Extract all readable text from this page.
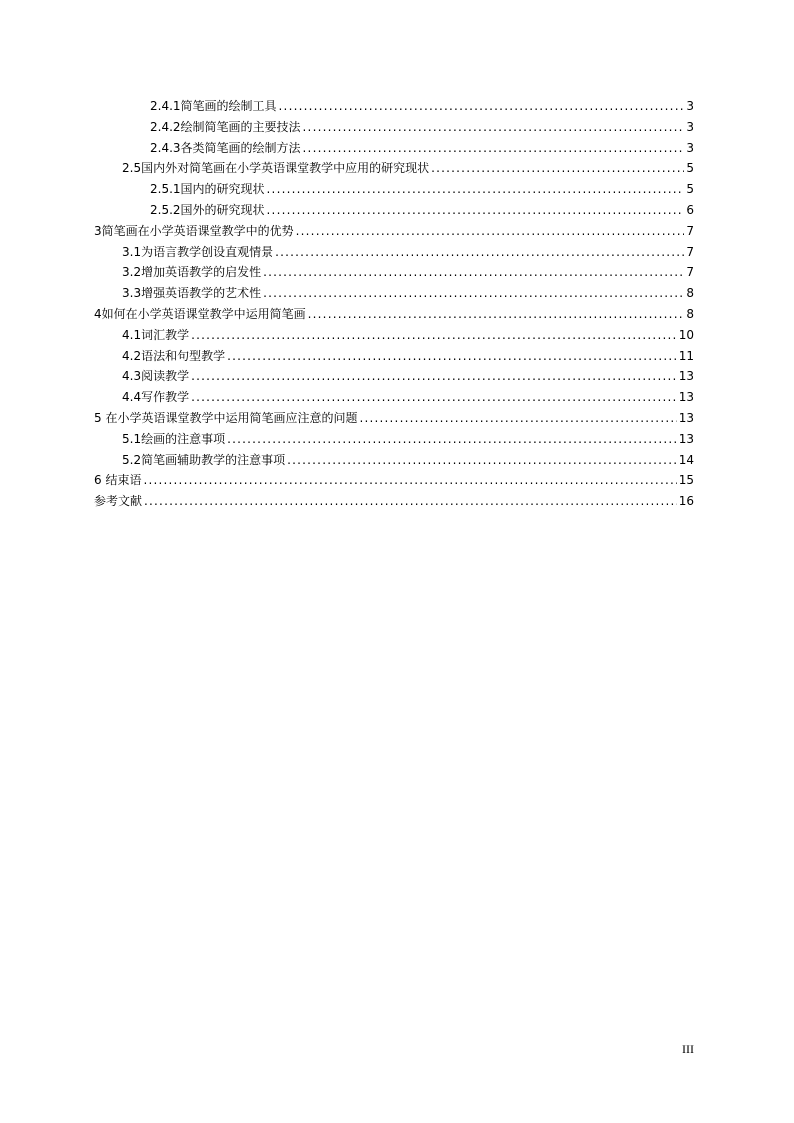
2.4.1简笔画的绘制工具 .....	3
2.4.2绘制简笔画的主要技法 .....	3
2.4.3各类简笔画的绘制方法 .....	3
2.5国内外对简笔画在小学英语课堂教学中应用的研究现状 .....	5
2.5.1国内的研究现状 .....	5
2.5.2国外的研究现状 .....	6
3简笔画在小学英语课堂教学中的优势 .....	7
3.1为语言教学创设直观情景 .....	7
3.2增加英语教学的启发性 .....	7
3.3增强英语教学的艺术性 .....	8
4如何在小学英语课堂教学中运用简笔画 .....	8
4.1词汇教学 .....	10
4.2语法和句型教学 .....	11
4.3阅读教学 .....	13
4.4写作教学 .....	13
5 在小学英语课堂教学中运用简笔画应注意的问题 .....	13
5.1绘画的注意事项 .....	13
5.2简笔画辅助教学的注意事项 .....	14
6 结束语 .....	15
参考文献 .....	16
III
